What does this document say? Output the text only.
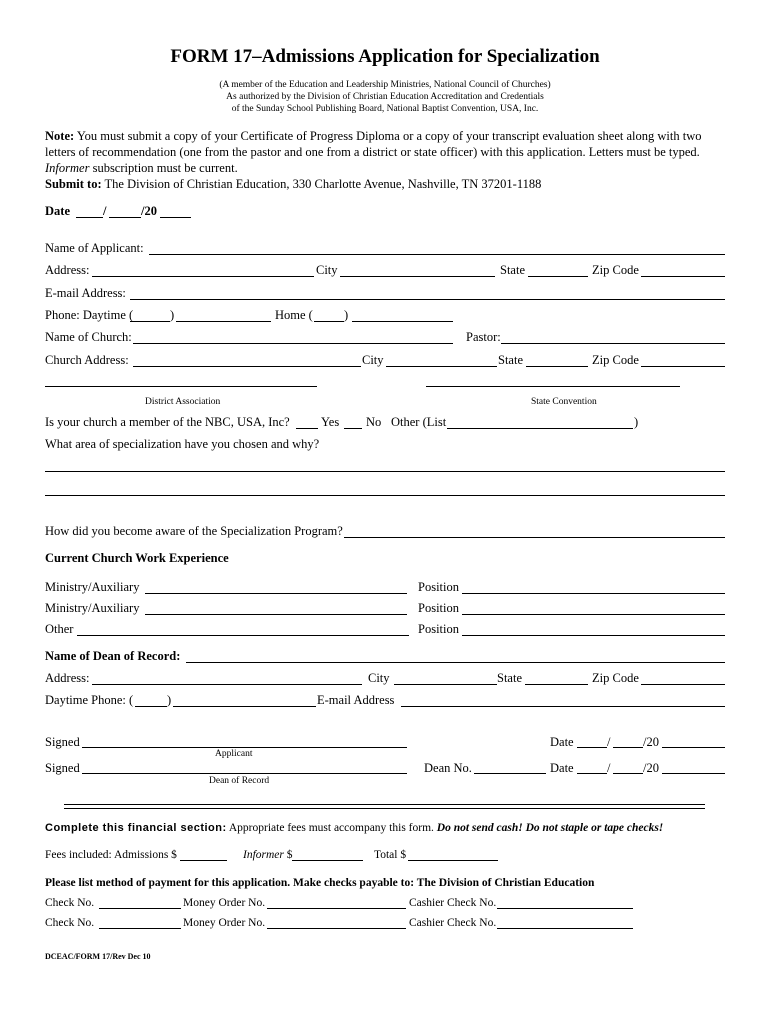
FORM 17–Admissions Application for Specialization
(A member of the Education and Leadership Ministries, National Council of Churches)
As authorized by the Division of Christian Education Accreditation and Credentials
of the Sunday School Publishing Board, National Baptist Convention, USA, Inc.
Note: You must submit a copy of your Certificate of Progress Diploma or a copy of your transcript evaluation sheet along with two letters of recommendation (one from the pastor and one from a district or state officer) with this application. Letters must be typed. Informer subscription must be current.
Submit to: The Division of Christian Education, 330 Charlotte Avenue, Nashville, TN 37201-1188
Date	/	/20
Name of Applicant:
Address:	City	State	Zip Code
E-mail Address:
Phone: Daytime (	)	Home ( )
Name of Church:	Pastor:
Church Address:	City	State	Zip Code
District Association	State Convention
Is your church a member of the NBC, USA, Inc?	Yes No Other (List	)
What area of specialization have you chosen and why?
How did you become aware of the Specialization Program?
Current Church Work Experience
Ministry/Auxiliary	Position
Ministry/Auxiliary	Position
Other	Position
Name of Dean of Record:
Address:	City	State	Zip Code
Daytime Phone: (	)	E-mail Address
Signed
Applicant
Date	/	/20
Signed
Dean of Record
Dean No.	Date	/	/20
Complete this financial section: Appropriate fees must accompany this form. Do not send cash! Do not staple or tape checks!
Fees included: Admissions $	Informer $	Total $
Please list method of payment for this application. Make checks payable to: The Division of Christian Education
Check No.	Money Order No.	Cashier Check No.
Check No.	Money Order No.	Cashier Check No.
DCEAC/FORM 17/Rev Dec 10
